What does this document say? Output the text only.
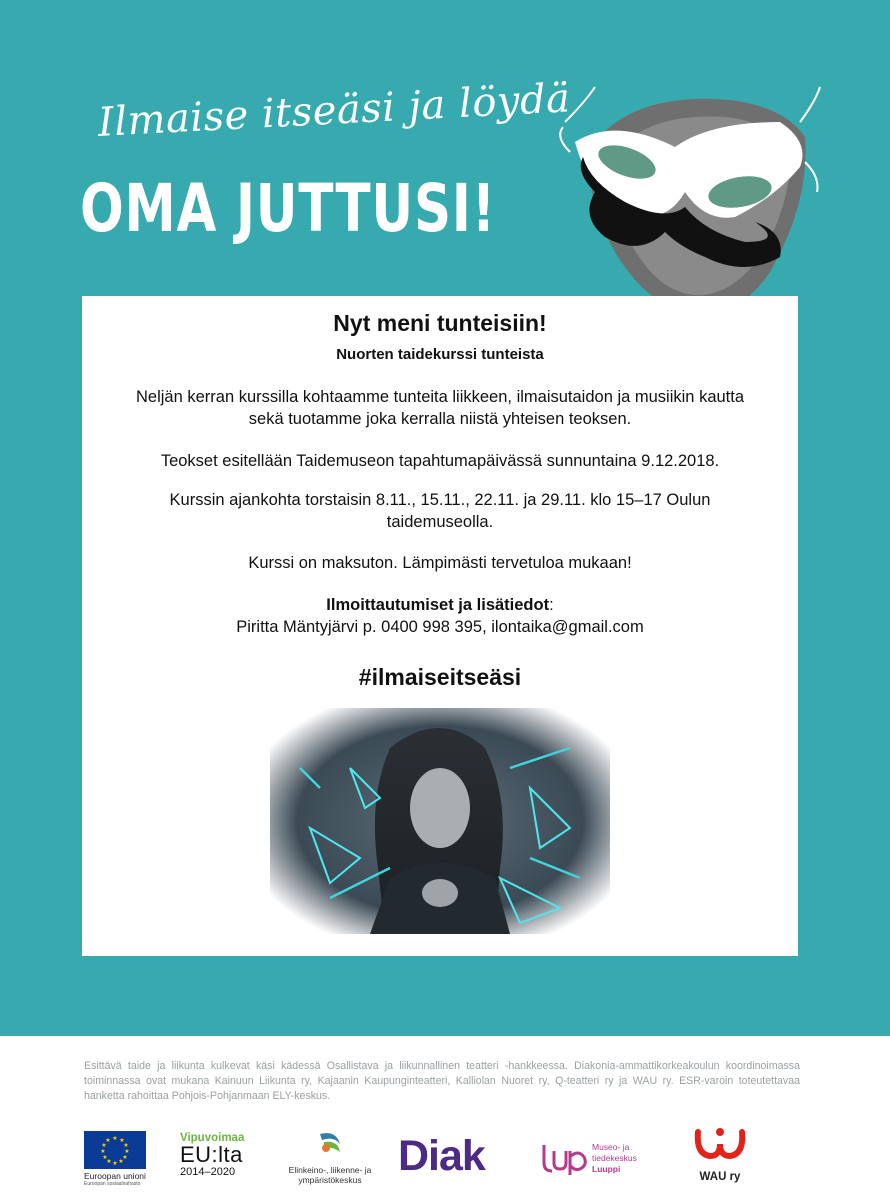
Ilmaise itseäsi ja löydä
OMA JUTTUSI!
Nyt meni tunteisiin!
Nuorten taidekurssi tunteista
Neljän kerran kurssilla kohtaamme tunteita liikkeen, ilmaisutaidon ja musiikin kautta sekä tuotamme joka kerralla niistä yhteisen teoksen.
Teokset esitellään Taidemuseon tapahtumapäivässä sunnuntaina 9.12.2018.
Kurssin ajankohta torstaisin 8.11., 15.11., 22.11. ja 29.11. klo 15–17 Oulun taidemuseolla.
Kurssi on maksuton. Lämpimästi tervetuloa mukaan!
Ilmoittautumiset ja lisätiedot:
Piritta Mäntyjärvi p. 0400 998 395, ilontaika@gmail.com
#ilmaiseitseäsi
Esittävä taide ja liikunta kulkevat käsi kädessä Osallistava ja liikunnallinen teatteri -hankkeessa. Diakonia-ammattikorkeakoulun koordinoimassa toiminnassa ovat mukana Kainuun Liikunta ry, Kajaanin Kaupunginteatteri, Kalliolan Nuoret ry, Q-teatteri ry ja WAU ry. ESR-varoin toteutettavaa hanketta rahoittaa Pohjois-Pohjanmaan ELY-keskus.
★ ★
★
★
★
★
★
★
★
★
★
★
Euroopan unioni
Euroopan sosiaalirahasto
Vipuvoimaa
EU:lta
2014–2020	Elinkeino-, liikenne- ja
ympäristökeskus Diak	Museo- ja
tiedekeskus
Luuppi
WAU ry
